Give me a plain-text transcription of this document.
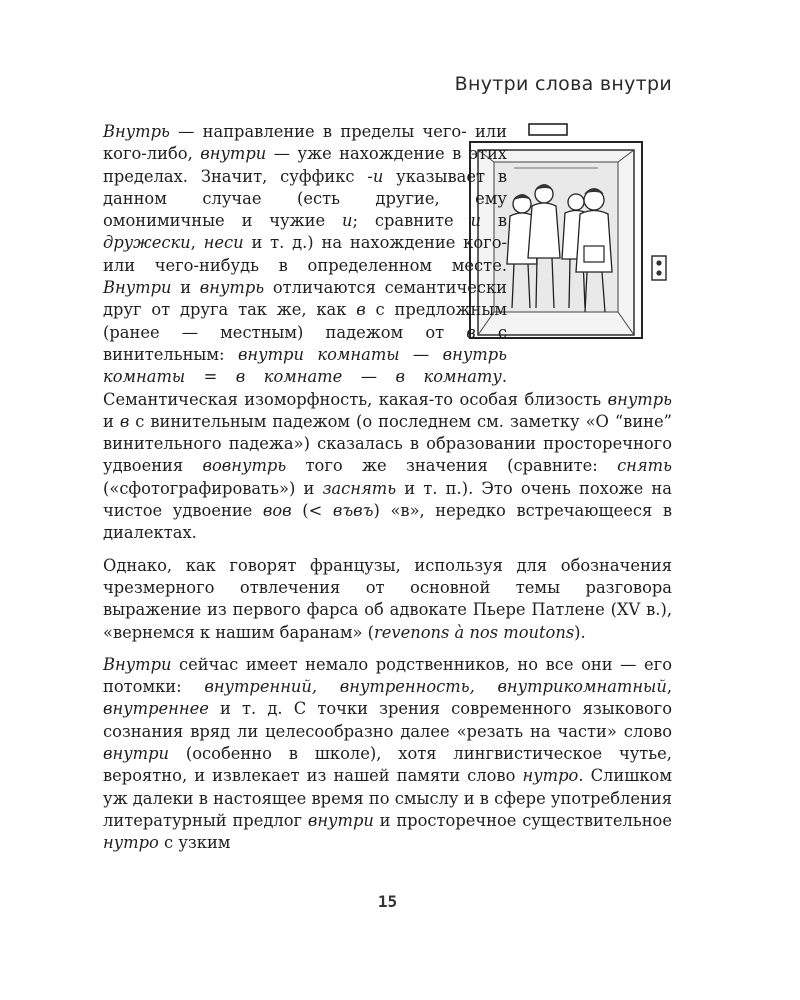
Внутри слова внутри

Внутрь — направление в пределы чего- или кого-либо, внутри — уже нахождение в этих пределах. Значит, суффикс -и указывает в данном случае (есть другие, ему омонимичные и чужие и; сравните и в дружески, неси и т. д.) на нахождение кого- или чего-нибудь в определенном месте. Внутри и внутрь отличаются семантически друг от друга так же, как в с предложным (ранее — местным) падежом от в с винительным: внутри комнаты — внутрь комнаты = в комнате — в комнату. Семантическая изоморфность, какая-то особая близость внутрь и в с винительным падежом (о последнем см. заметку «О “вине” винительного падежа») сказалась в образовании просторечного удвоения вовнутрь того же значения (сравните: снять («сфотографировать») и заснять и т. п.). Это очень похоже на чистое удвоение вов (< въвъ) «в», нередко встречающееся в диалектах.

Однако, как говорят французы, используя для обозначения чрезмерного отвлечения от основной темы разговора выражение из первого фарса об адвокате Пьере Патлене (XV в.), «вернемся к нашим баранам» (revenons à nos moutons).

Внутри сейчас имеет немало родственников, но все они — его потомки: внутренний, внутренность, внутрикомнатный, внутреннее и т. д. С точки зрения современного языкового сознания вряд ли целесообразно далее «резать на части» слово внутри (особенно в школе), хотя лингвистическое чутье, вероятно, и извлекает из нашей памяти слово нутро. Слишком уж далеки в настоящее время по смыслу и в сфере употребления литературный предлог внутри и просторечное существительное нутро с узким

15
